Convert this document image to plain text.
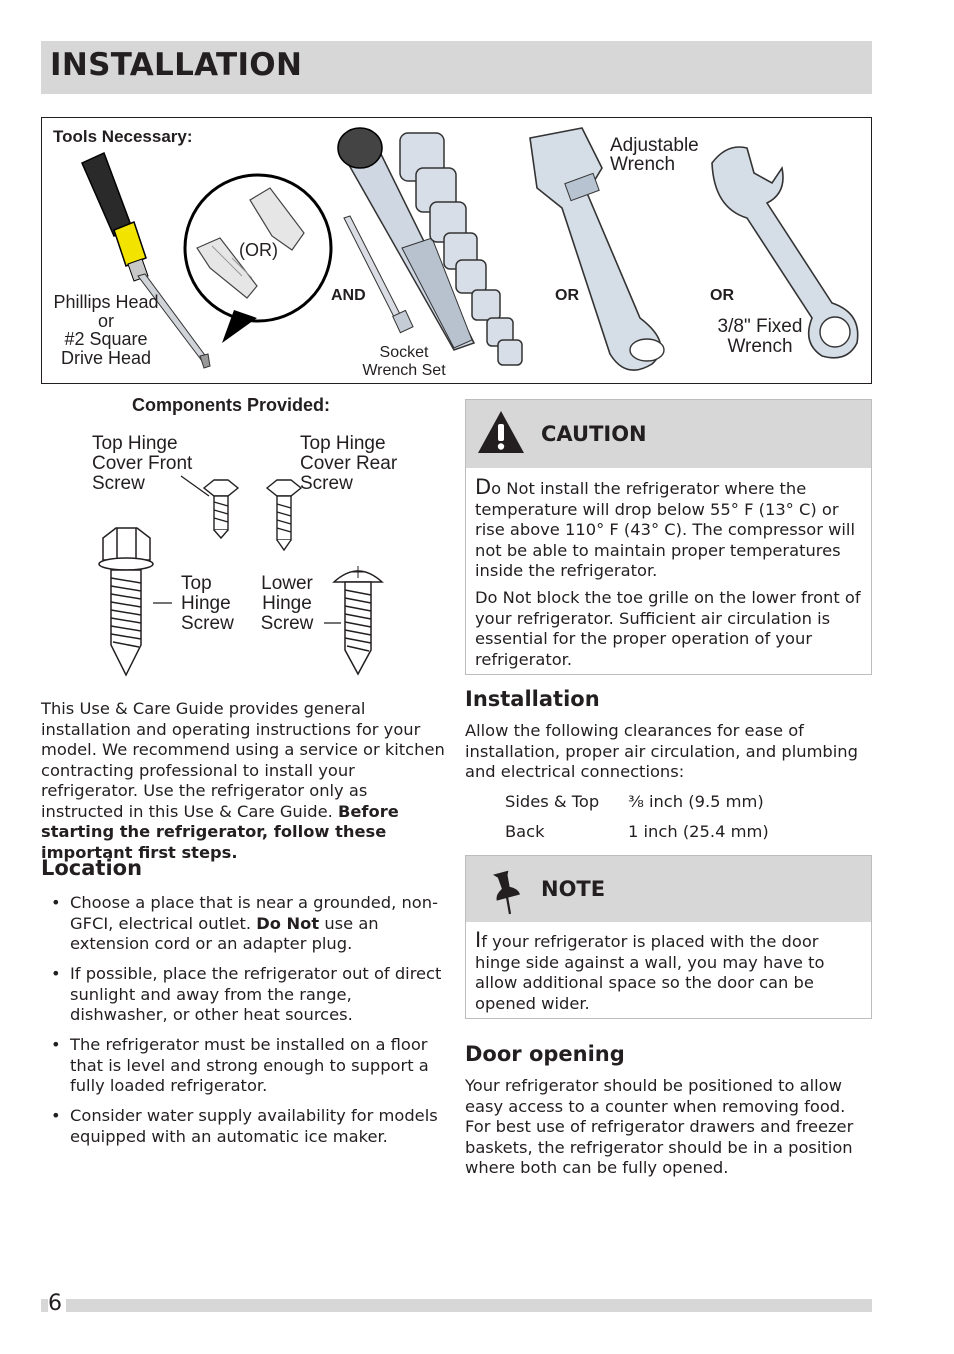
INSTALLATION
Tools Necessary:
Phillips Head
or
#2 Square
Drive Head
(OR)
AND	OR	OR
Socket
Wrench Set
Adjustable
Wrench
3/8" Fixed
Wrench
Components Provided:
Top Hinge
Cover Front
Screw
Top Hinge
Cover Rear
Screw
Top
Hinge
Screw
Lower
Hinge
Screw
This Use & Care Guide provides general installation and operating instructions for your model. We recommend using a service or kitchen contracting professional to install your refrigerator. Use the refrigerator only as instructed in this Use & Care Guide. Before starting the refrigerator, follow these important first steps.
Location
• Choose a place that is near a grounded, non-GFCI, electrical outlet. Do Not use an extension cord or an adapter plug.
• If possible, place the refrigerator out of direct sunlight and away from the range, dishwasher, or other heat sources.
• The refrigerator must be installed on a floor that is level and strong enough to support a fully loaded refrigerator.
• Consider water supply availability for models equipped with an automatic ice maker.
CAUTION
Do Not install the refrigerator where the temperature will drop below 55° F (13° C) or rise above 110° F (43° C). The compressor will not be able to maintain proper temperatures inside the refrigerator.
Do Not block the toe grille on the lower front of your refrigerator. Sufficient air circulation is essential for the proper operation of your refrigerator.
Installation
Allow the following clearances for ease of installation, proper air circulation, and plumbing and electrical connections:
Sides & Top ⅜ inch (9.5 mm)
Back	1 inch (25.4 mm)
NOTE
If your refrigerator is placed with the door hinge side against a wall, you may have to allow additional space so the door can be opened wider.
Door opening
Your refrigerator should be positioned to allow easy access to a counter when removing food. For best use of refrigerator drawers and freezer baskets, the refrigerator should be in a position where both can be fully opened.
6
